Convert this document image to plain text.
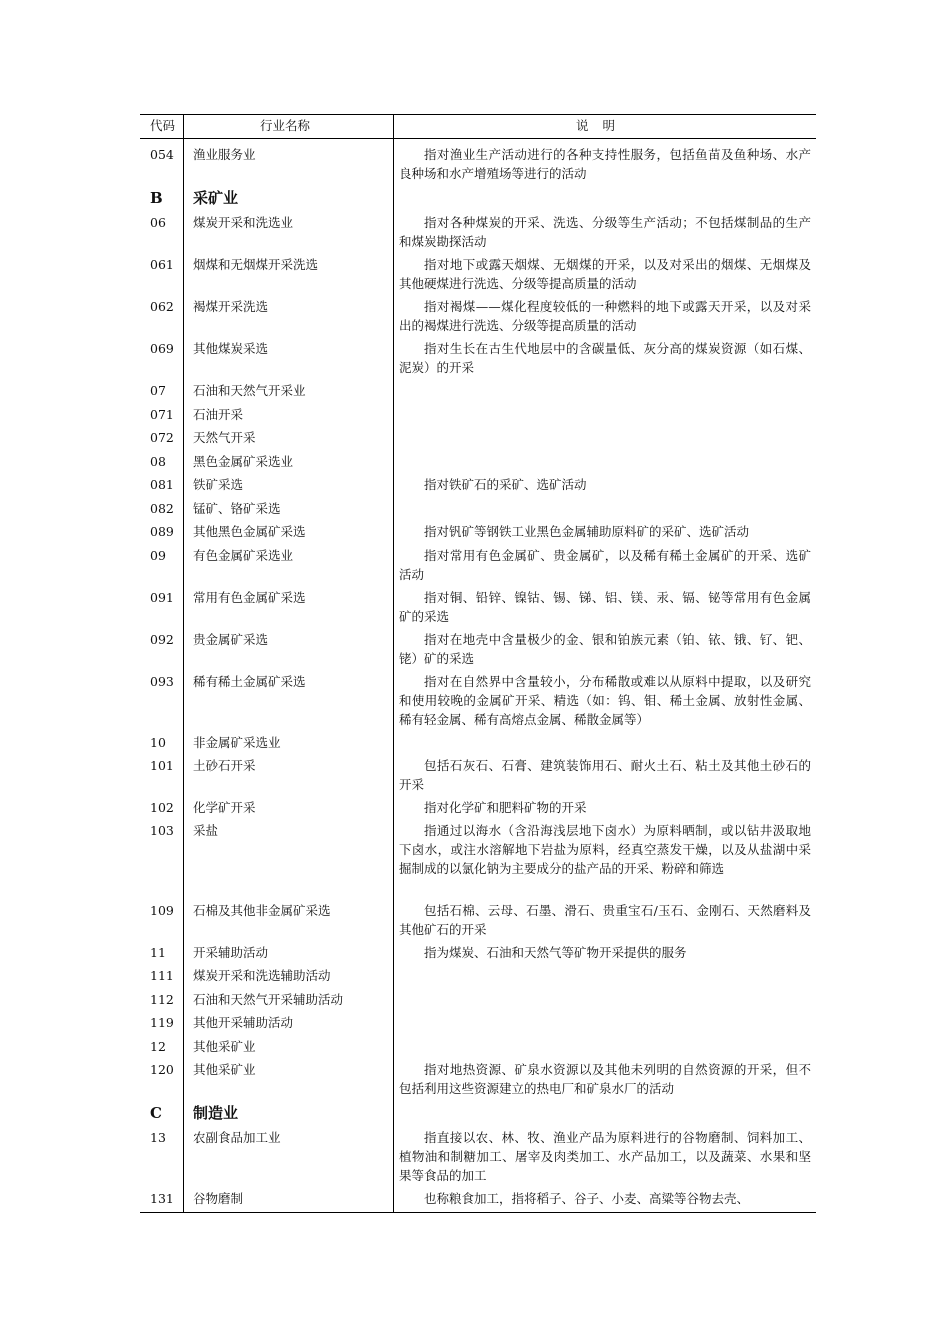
代码	行业名称	说明
054 渔业服务业	指对渔业生产活动进行的各种支持性服务，包括鱼苗及鱼种场、水产良种场和水产增殖场等进行的活动
B 采矿业
06 煤炭开采和洗选业	指对各种煤炭的开采、洗选、分级等生产活动；不包括煤制品的生产和煤炭勘探活动
061 烟煤和无烟煤开采洗选	指对地下或露天烟煤、无烟煤的开采，以及对采出的烟煤、无烟煤及其他硬煤进行洗选、分级等提高质量的活动
062 褐煤开采洗选	指对褐煤——煤化程度较低的一种燃料的地下或露天开采，以及对采出的褐煤进行洗选、分级等提高质量的活动
069 其他煤炭采选	指对生长在古生代地层中的含碳量低、灰分高的煤炭资源（如石煤、泥炭）的开采
07 石油和天然气开采业
071 石油开采
072 天然气开采
08 黑色金属矿采选业
081 铁矿采选	指对铁矿石的采矿、选矿活动
082 锰矿、铬矿采选
089 其他黑色金属矿采选	指对钒矿等钢铁工业黑色金属辅助原料矿的采矿、选矿活动
09 有色金属矿采选业	指对常用有色金属矿、贵金属矿，以及稀有稀土金属矿的开采、选矿活动
091 常用有色金属矿采选	指对铜、铅锌、镍钴、锡、锑、铝、镁、汞、镉、铋等常用有色金属矿的采选
092 贵金属矿采选	指对在地壳中含量极少的金、银和铂族元素（铂、铱、锇、钌、钯、铑）矿的采选
093 稀有稀土金属矿采选	指对在自然界中含量较小，分布稀散或难以从原料中提取，以及研究和使用较晚的金属矿开采、精选（如：钨、钼、稀土金属、放射性金属、稀有轻金属、稀有高熔点金属、稀散金属等）
10 非金属矿采选业
101 土砂石开采	包括石灰石、石膏、建筑装饰用石、耐火土石、粘土及其他土砂石的开采
102 化学矿开采	指对化学矿和肥料矿物的开采
103 采盐	指通过以海水（含沿海浅层地下卤水）为原料晒制，或以钻井汲取地下卤水，或注水溶解地下岩盐为原料，经真空蒸发干燥，以及从盐湖中采掘制成的以氯化钠为主要成分的盐产品的开采、粉碎和筛选
109 石棉及其他非金属矿采选	包括石棉、云母、石墨、滑石、贵重宝石/玉石、金刚石、天然磨料及其他矿石的开采
11 开采辅助活动	指为煤炭、石油和天然气等矿物开采提供的服务
111 煤炭开采和洗选辅助活动
112 石油和天然气开采辅助活动
119 其他开采辅助活动
12 其他采矿业
120 其他采矿业	指对地热资源、矿泉水资源以及其他未列明的自然资源的开采，但不包括利用这些资源建立的热电厂和矿泉水厂的活动
C 制造业
13 农副食品加工业	指直接以农、林、牧、渔业产品为原料进行的谷物磨制、饲料加工、植物油和制糖加工、屠宰及肉类加工、水产品加工，以及蔬菜、水果和坚果等食品的加工
131 谷物磨制	也称粮食加工，指将稻子、谷子、小麦、高粱等谷物去壳、
